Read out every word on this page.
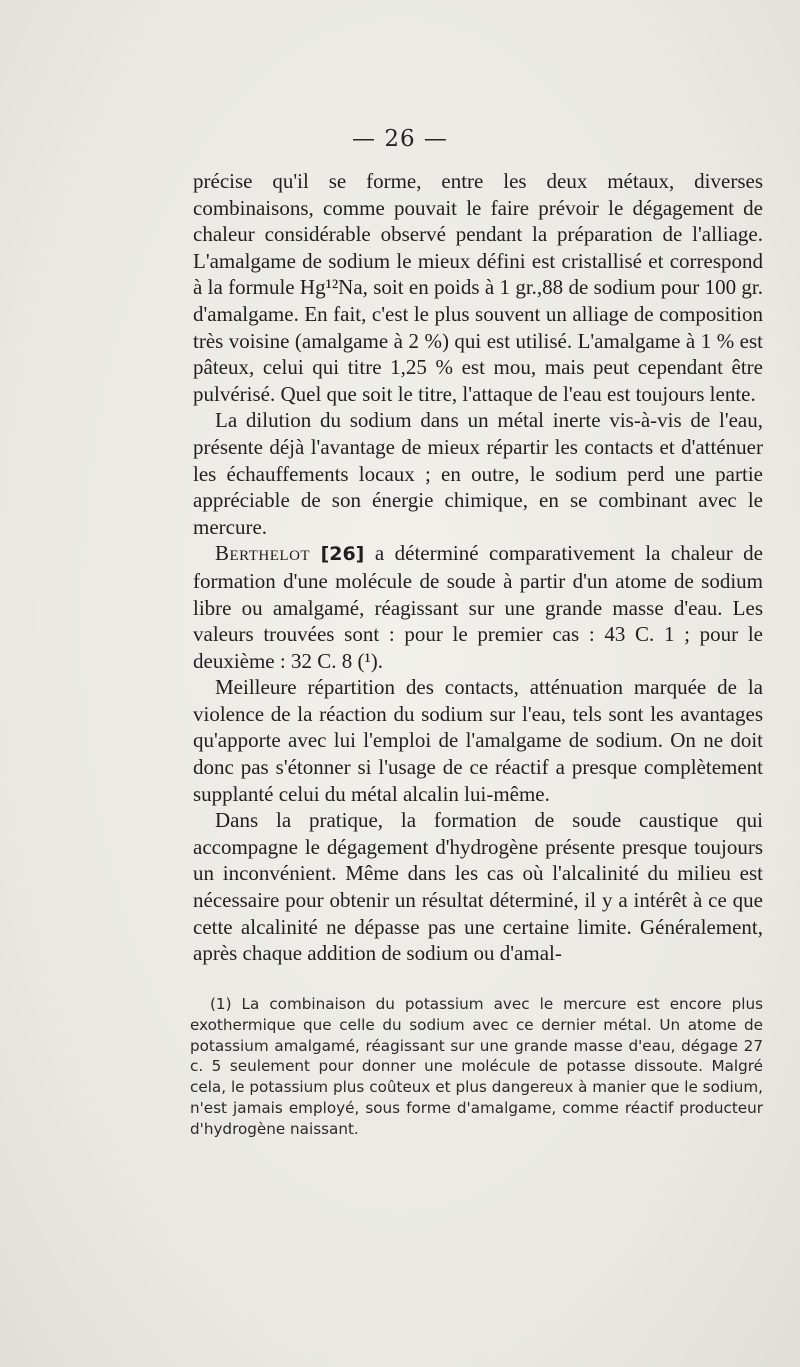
— 26 —

précise qu'il se forme, entre les deux métaux, diverses combinaisons, comme pouvait le faire prévoir le dégagement de chaleur considérable observé pendant la préparation de l'alliage. L'amalgame de sodium le mieux défini est cristallisé et correspond à la formule Hg¹²Na, soit en poids à 1 gr.,88 de sodium pour 100 gr. d'amalgame. En fait, c'est le plus souvent un alliage de composition très voisine (amalgame à 2 %) qui est utilisé. L'amalgame à 1 % est pâteux, celui qui titre 1,25 % est mou, mais peut cependant être pulvérisé. Quel que soit le titre, l'attaque de l'eau est toujours lente.

La dilution du sodium dans un métal inerte vis-à-vis de l'eau, présente déjà l'avantage de mieux répartir les contacts et d'atténuer les échauffements locaux ; en outre, le sodium perd une partie appréciable de son énergie chimique, en se combinant avec le mercure.

Berthelot [26] a déterminé comparativement la chaleur de formation d'une molécule de soude à partir d'un atome de sodium libre ou amalgamé, réagissant sur une grande masse d'eau. Les valeurs trouvées sont : pour le premier cas : 43 C. 1 ; pour le deuxième : 32 C. 8 (¹).

Meilleure répartition des contacts, atténuation marquée de la violence de la réaction du sodium sur l'eau, tels sont les avantages qu'apporte avec lui l'emploi de l'amalgame de sodium. On ne doit donc pas s'étonner si l'usage de ce réactif a presque complètement supplanté celui du métal alcalin lui-même.

Dans la pratique, la formation de soude caustique qui accompagne le dégagement d'hydrogène présente presque toujours un inconvénient. Même dans les cas où l'alcalinité du milieu est nécessaire pour obtenir un résultat déterminé, il y a intérêt à ce que cette alcalinité ne dépasse pas une certaine limite. Généralement, après chaque addition de sodium ou d'amal-

(1) La combinaison du potassium avec le mercure est encore plus exothermique que celle du sodium avec ce dernier métal. Un atome de potassium amalgamé, réagissant sur une grande masse d'eau, dégage 27 c. 5 seulement pour donner une molécule de potasse dissoute. Malgré cela, le potassium plus coûteux et plus dangereux à manier que le sodium, n'est jamais employé, sous forme d'amalgame, comme réactif producteur d'hydrogène naissant.
